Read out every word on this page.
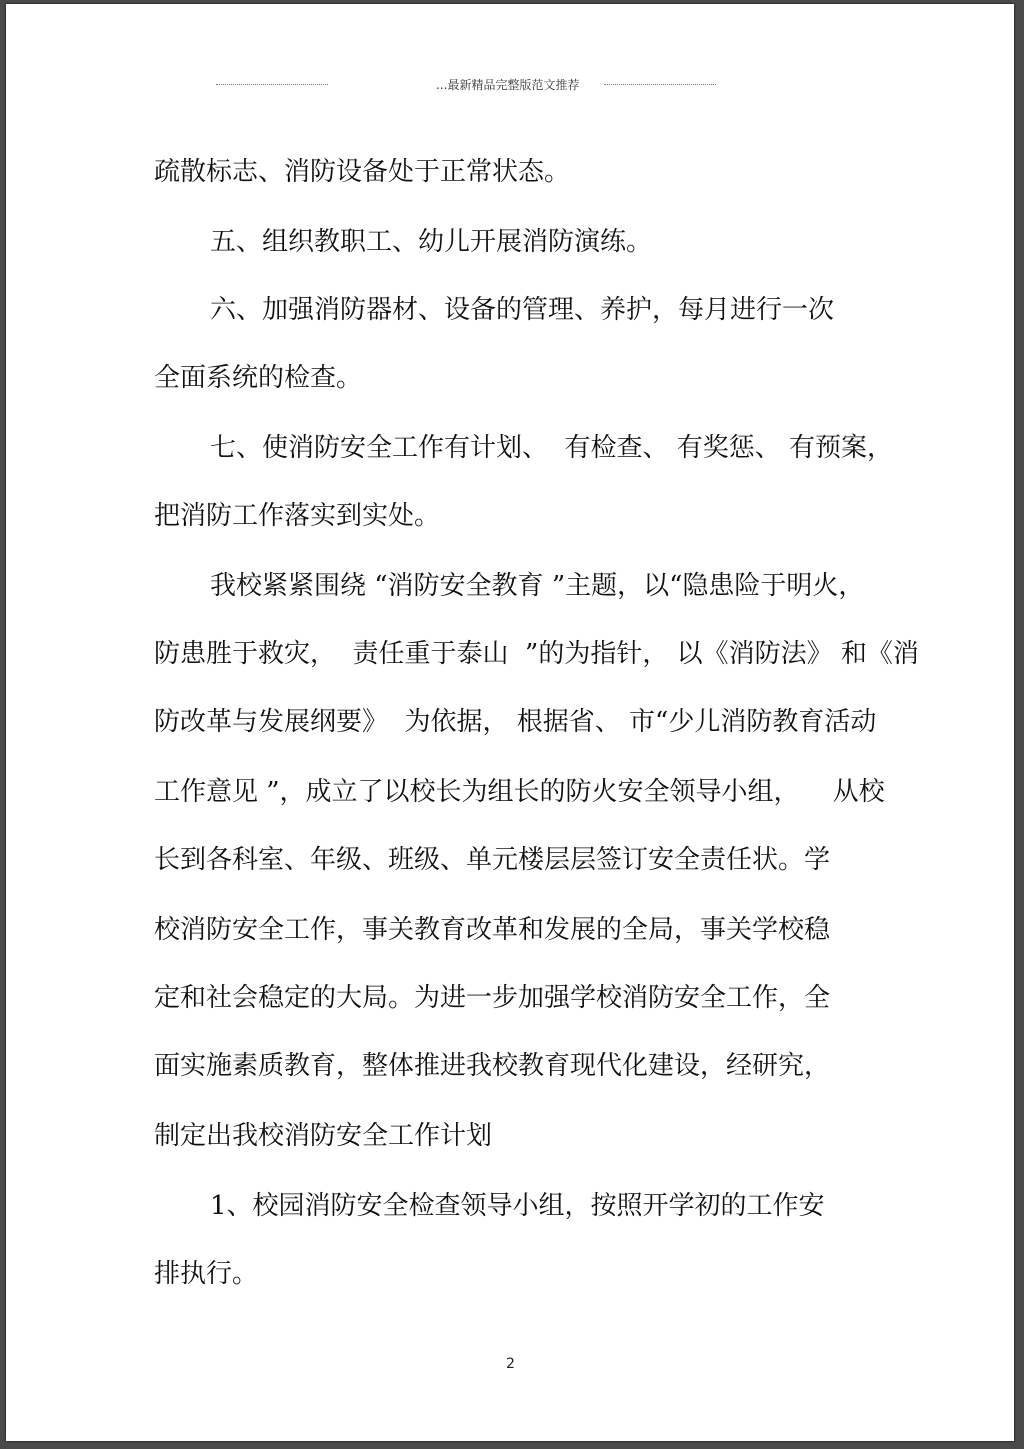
...最新精品完整版范文推荐
疏散标志、消防设备处于正常状态。
五、组织教职工、幼儿开展消防演练。
六、加强消防器材、设备的管理、养护，每月进行一次
全面系统的检查。
七、使消防安全工作有计划、  有检查、 有奖惩、 有预案，
把消防工作落实到实处。
我校紧紧围绕 “消防安全教育 ”主题，以“隐患险于明火，
防患胜于救灾，  责任重于泰山  ”的为指针， 以《消防法》 和《消
防改革与发展纲要》  为依据， 根据省、 市“少儿消防教育活动
工作意见 ”，成立了以校长为组长的防火安全领导小组，    从校
长到各科室、年级、班级、单元楼层层签订安全责任状。学
校消防安全工作，事关教育改革和发展的全局，事关学校稳
定和社会稳定的大局。为进一步加强学校消防安全工作，全
面实施素质教育，整体推进我校教育现代化建设，经研究，
制定出我校消防安全工作计划
1、校园消防安全检查领导小组，按照开学初的工作安
排执行。
2
